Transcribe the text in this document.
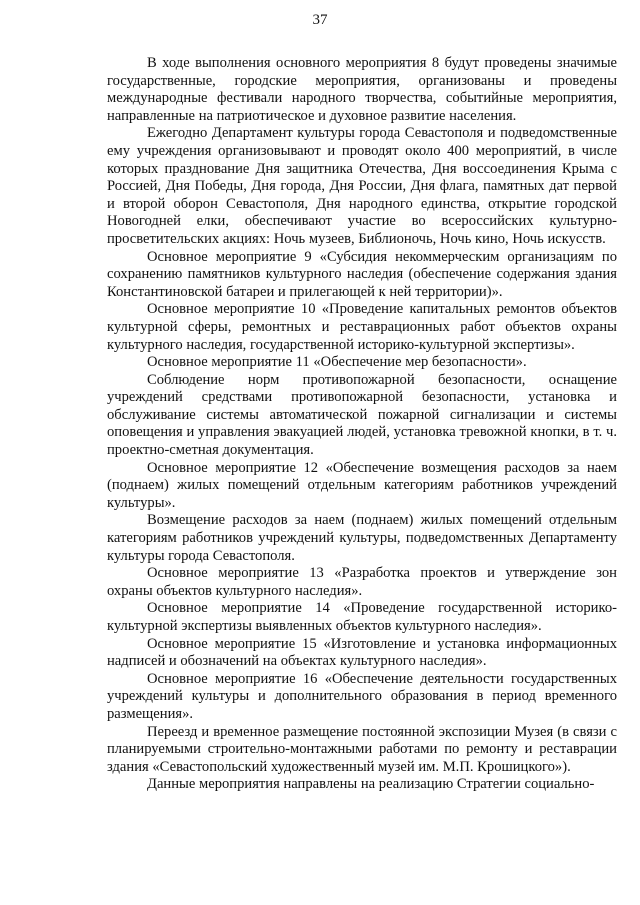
37

В ходе выполнения основного мероприятия 8 будут проведены значимые государственные, городские мероприятия, организованы и проведены международные фестивали народного творчества, событийные мероприятия, направленные на патриотическое и духовное развитие населения.

Ежегодно Департамент культуры города Севастополя и подведомственные ему учреждения организовывают и проводят около 400 мероприятий, в числе которых празднование Дня защитника Отечества, Дня воссоединения Крыма с Россией, Дня Победы, Дня города, Дня России, Дня флага, памятных дат первой и второй оборон Севастополя, Дня народного единства, открытие городской Новогодней елки, обеспечивают участие во всероссийских культурно-просветительских акциях: Ночь музеев, Библионочь, Ночь кино, Ночь искусств.

Основное мероприятие 9 «Субсидия некоммерческим организациям по сохранению памятников культурного наследия (обеспечение содержания здания Константиновской батареи и прилегающей к ней территории)».

Основное мероприятие 10 «Проведение капитальных ремонтов объектов культурной сферы, ремонтных и реставрационных работ объектов охраны культурного наследия, государственной историко-культурной экспертизы».

Основное мероприятие 11 «Обеспечение мер безопасности».

Соблюдение норм противопожарной безопасности, оснащение учреждений средствами противопожарной безопасности, установка и обслуживание системы автоматической пожарной сигнализации и системы оповещения и управления эвакуацией людей, установка тревожной кнопки, в т. ч. проектно-сметная документация.

Основное мероприятие 12 «Обеспечение возмещения расходов за наем (поднаем) жилых помещений отдельным категориям работников учреждений культуры».

Возмещение расходов за наем (поднаем) жилых помещений отдельным категориям работников учреждений культуры, подведомственных Департаменту культуры города Севастополя.

Основное мероприятие 13 «Разработка проектов и утверждение зон охраны объектов культурного наследия».

Основное мероприятие 14 «Проведение государственной историко-культурной экспертизы выявленных объектов культурного наследия».

Основное мероприятие 15 «Изготовление и установка информационных надписей и обозначений на объектах культурного наследия».

Основное мероприятие 16 «Обеспечение деятельности государственных учреждений культуры и дополнительного образования в период временного размещения».

Переезд и временное размещение постоянной экспозиции Музея (в связи с планируемыми строительно-монтажными работами по ремонту и реставрации здания «Севастопольский художественный музей им. М.П. Крошицкого»).

Данные мероприятия направлены на реализацию Стратегии социально-
